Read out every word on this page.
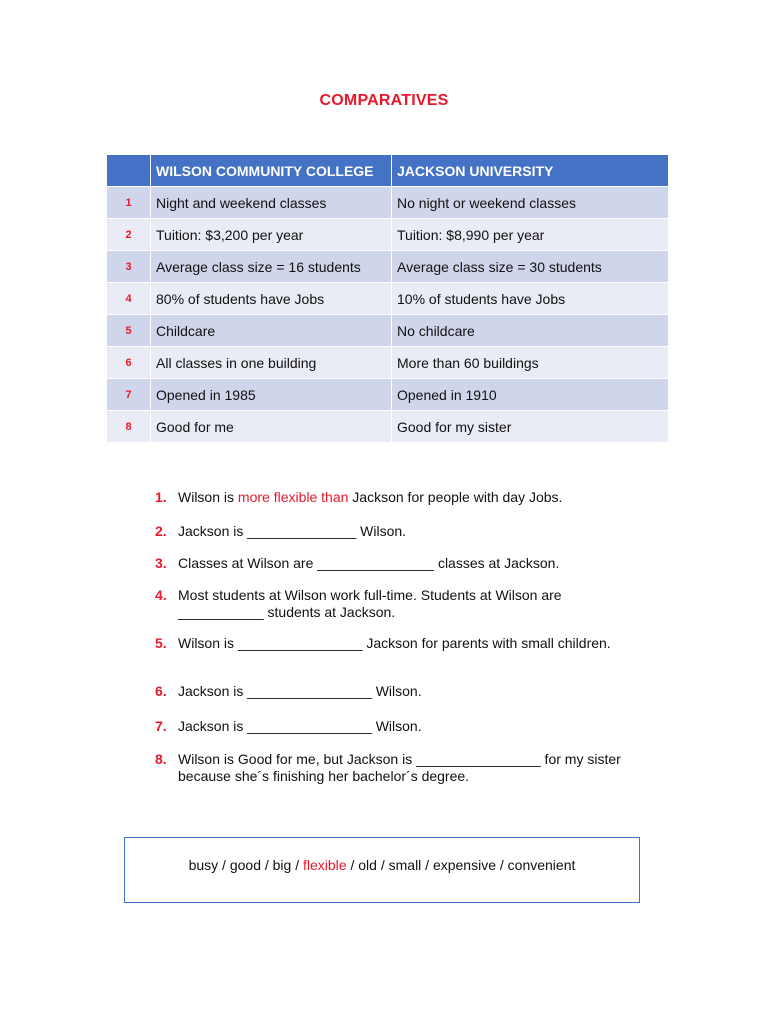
COMPARATIVES
	WILSON COMMUNITY COLLEGE	JACKSON UNIVERSITY
1	Night and weekend classes	No night or weekend classes
2	Tuition: $3,200 per year	Tuition: $8,990 per year
3	Average class size = 16 students	Average class size = 30 students
4	80% of students have Jobs	10% of students have Jobs
5	Childcare	No childcare
6	All classes in one building	More than 60 buildings
7	Opened in 1985	Opened in 1910
8	Good for me	Good for my sister
1. Wilson is more flexible than Jackson for people with day Jobs.
2. Jackson is ______________ Wilson.
3. Classes at Wilson are _______________ classes at Jackson.
4. Most students at Wilson work full-time. Students at Wilson are ___________ students at Jackson.
5. Wilson is ________________ Jackson for parents with small children.
6. Jackson is ________________ Wilson.
7. Jackson is ________________ Wilson.
8. Wilson is Good for me, but Jackson is ________________ for my sister because she´s finishing her bachelor´s degree.
busy / good / big / flexible / old / small / expensive / convenient
